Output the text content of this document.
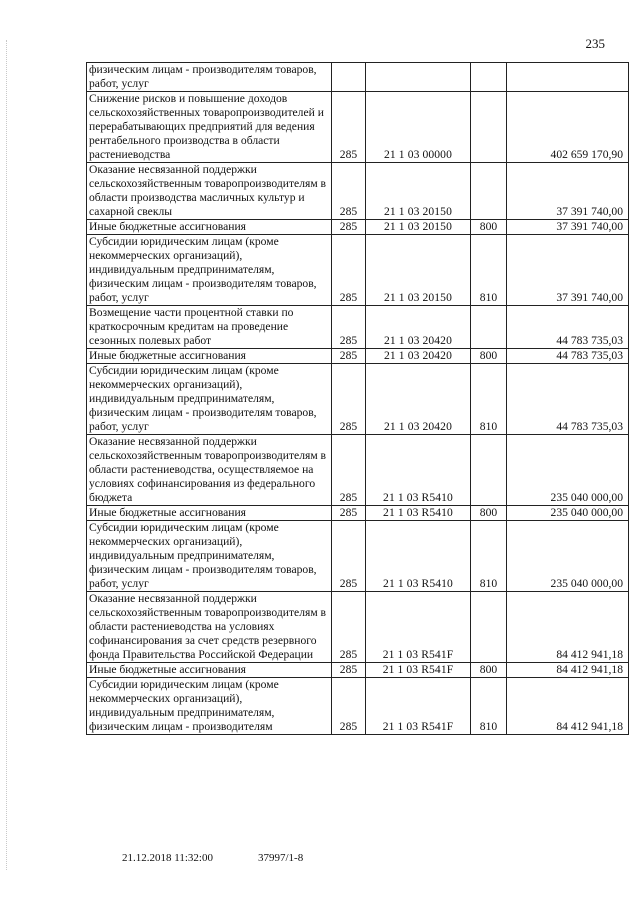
235
физическим лицам - производителям товаров, работ, услуг				
Снижение рисков и повышение доходов сельскохозяйственных товаропроизводителей и перерабатывающих предприятий для ведения рентабельного производства в области растениеводства	285	21 1 03 00000		402 659 170,90
Оказание несвязанной поддержки сельскохозяйственным товаропроизводителям в области производства масличных культур и сахарной свеклы	285	21 1 03 20150		37 391 740,00
Иные бюджетные ассигнования	285	21 1 03 20150	800	37 391 740,00
Субсидии юридическим лицам (кроме некоммерческих организаций), индивидуальным предпринимателям, физическим лицам - производителям товаров, работ, услуг	285	21 1 03 20150	810	37 391 740,00
Возмещение части процентной ставки по краткосрочным кредитам на проведение сезонных полевых работ	285	21 1 03 20420		44 783 735,03
Иные бюджетные ассигнования	285	21 1 03 20420	800	44 783 735,03
Субсидии юридическим лицам (кроме некоммерческих организаций), индивидуальным предпринимателям, физическим лицам - производителям товаров, работ, услуг	285	21 1 03 20420	810	44 783 735,03
Оказание несвязанной поддержки сельскохозяйственным товаропроизводителям в области растениеводства, осуществляемое на условиях софинансирования из федерального бюджета	285	21 1 03 R5410		235 040 000,00
Иные бюджетные ассигнования	285	21 1 03 R5410	800	235 040 000,00
Субсидии юридическим лицам (кроме некоммерческих организаций), индивидуальным предпринимателям, физическим лицам - производителям товаров, работ, услуг	285	21 1 03 R5410	810	235 040 000,00
Оказание несвязанной поддержки сельскохозяйственным товаропроизводителям в области растениеводства на условиях софинансирования за счет средств резервного фонда Правительства Российской Федерации	285	21 1 03 R541F		84 412 941,18
Иные бюджетные ассигнования	285	21 1 03 R541F	800	84 412 941,18
Субсидии юридическим лицам (кроме некоммерческих организаций), индивидуальным предпринимателям, физическим лицам - производителям	285	21 1 03 R541F	810	84 412 941,18
21.12.2018 11:32:00	37997/1-8
